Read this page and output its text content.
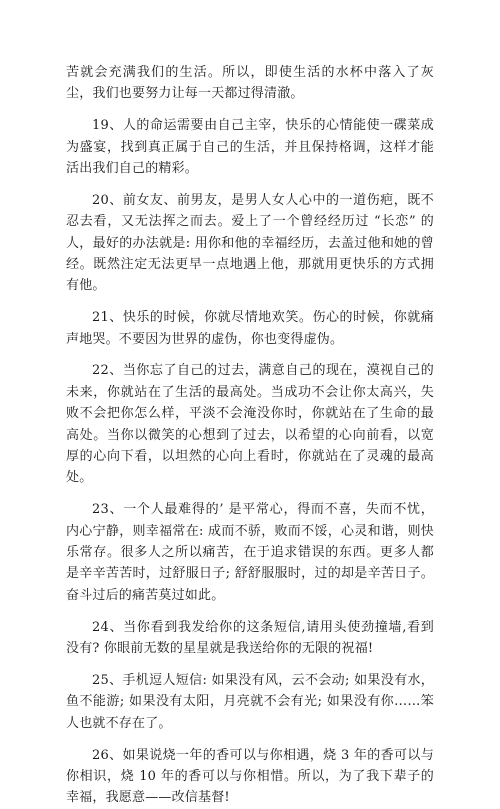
苦就会充满我们的生活。所以，即使生活的水杯中落入了灰尘，我们也要努力让每一天都过得清澈。

19、人的命运需要由自己主宰，快乐的心情能使一碟菜成为盛宴，找到真正属于自己的生活，并且保持格调，这样才能活出我们自己的精彩。

20、前女友、前男友，是男人女人心中的一道伤疤，既不忍去看，又无法挥之而去。爱上了一个曾经经历过 “长恋” 的人，最好的办法就是: 用你和他的幸福经历，去盖过他和她的曾经。既然注定无法更早一点地遇上他，那就用更快乐的方式拥有他。

21、快乐的时候，你就尽情地欢笑。伤心的时候，你就痛声地哭。不要因为世界的虚伪，你也变得虚伪。

22、当你忘了自己的过去，满意自己的现在，漠视自己的未来，你就站在了生活的最高处。当成功不会让你太高兴，失败不会把你怎么样，平淡不会淹没你时，你就站在了生命的最高处。当你以微笑的心想到了过去，以希望的心向前看，以宽厚的心向下看，以坦然的心向上看时，你就站在了灵魂的最高处。

23、一个人最难得的’ 是平常心，得而不喜，失而不忧，内心宁静，则幸福常在: 成而不骄，败而不馁，心灵和谐，则快乐常存。很多人之所以痛苦，在于追求错误的东西。更多人都是辛辛苦苦时，过舒服日子; 舒舒服服时，过的却是辛苦日子。奋斗过后的痛苦莫过如此。

24、当你看到我发给你的这条短信,请用头使劲撞墙,看到没有? 你眼前无数的星星就是我送给你的无限的祝福!

25、手机逗人短信: 如果没有风，云不会动; 如果没有水，鱼不能游; 如果没有太阳，月亮就不会有光; 如果没有你……笨人也就不存在了。

26、如果说烧一年的香可以与你相遇，烧 3 年的香可以与你相识，烧 10 年的香可以与你相惜。所以，为了我下辈子的幸福，我愿意——改信基督!
